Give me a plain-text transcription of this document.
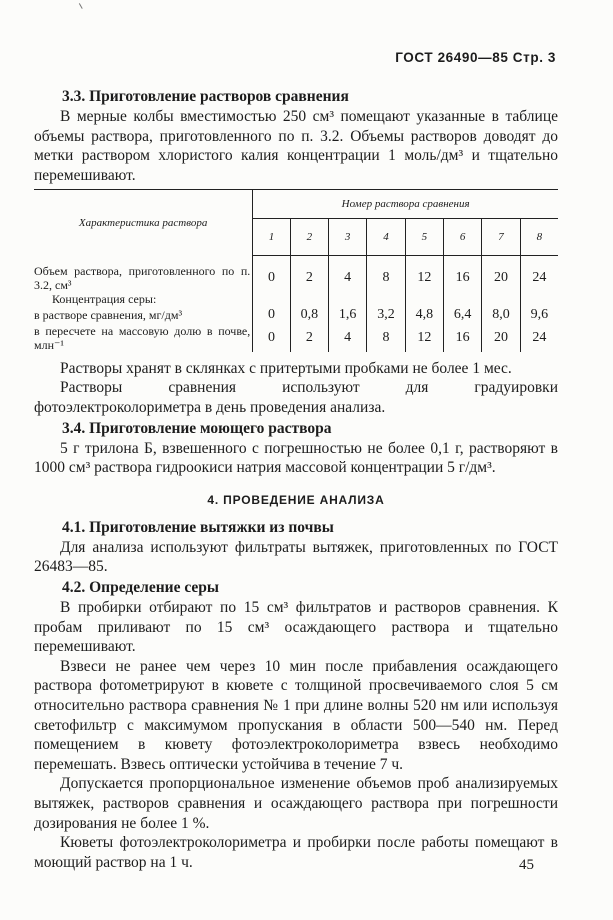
ГОСТ 26490—85 Стр. 3
3.3. Приготовление растворов сравнения
В мерные колбы вместимостью 250 см³ помещают указанные в таблице объемы раствора, приготовленного по п. 3.2. Объемы растворов доводят до метки раствором хлористого калия концентрации 1 моль/дм³ и тщательно перемешивают.
Характеристика раствора	Номер раствора сравнения							
	1	2	3	4	5	6	7	8

Объем раствора, приготовленного по п. 3.2, см³	0	2	4	8	12	16	20	24
Концентрация серы:								
в растворе сравнения, мг/дм³	0	0,8	1,6	3,2	4,8	6,4	8,0	9,6
в пересчете на массовую долю в почве, млн⁻¹	0	2	4	8	12	16	20	24
Растворы хранят в склянках с притертыми пробками не более 1 мес.
Растворы сравнения используют для градуировки фотоэлектроколориметра в день проведения анализа.
3.4. Приготовление моющего раствора
5 г трилона Б, взвешенного с погрешностью не более 0,1 г, растворяют в 1000 см³ раствора гидроокиси натрия массовой концентрации 5 г/дм³.
4. ПРОВЕДЕНИЕ АНАЛИЗА
4.1. Приготовление вытяжки из почвы
Для анализа используют фильтраты вытяжек, приготовленных по ГОСТ 26483—85.
4.2. Определение серы
В пробирки отбирают по 15 см³ фильтратов и растворов сравнения. К пробам приливают по 15 см³ осаждающего раствора и тщательно перемешивают.
Взвеси не ранее чем через 10 мин после прибавления осаждающего раствора фотометрируют в кювете с толщиной просвечиваемого слоя 5 см относительно раствора сравнения № 1 при длине волны 520 нм или используя светофильтр с максимумом пропускания в области 500—540 нм. Перед помещением в кювету фотоэлектроколориметра взвесь необходимо перемешать. Взвесь оптически устойчива в течение 7 ч.
Допускается пропорциональное изменение объемов проб анализируемых вытяжек, растворов сравнения и осаждающего раствора при погрешности дозирования не более 1 %.
Кюветы фотоэлектроколориметра и пробирки после работы помещают в моющий раствор на 1 ч.	45
